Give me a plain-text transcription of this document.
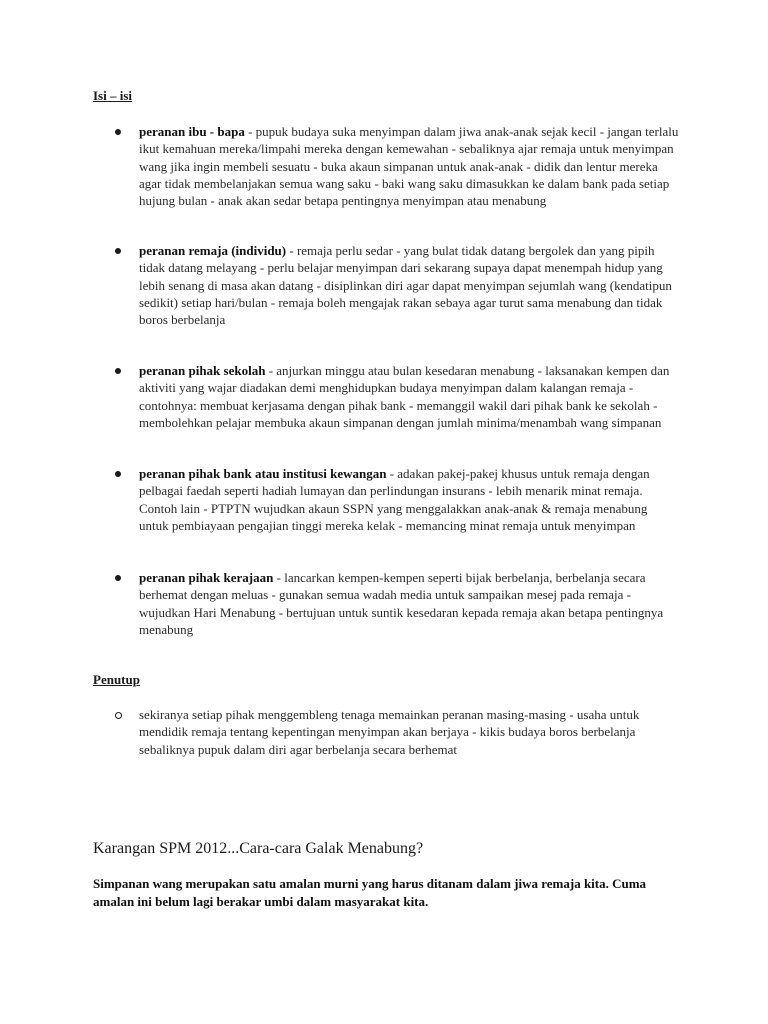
Isi – isi
peranan ibu - bapa - pupuk budaya suka menyimpan dalam jiwa anak-anak sejak kecil - jangan terlalu ikut kemahuan mereka/limpahi mereka dengan kemewahan - sebaliknya ajar remaja untuk menyimpan wang jika ingin membeli sesuatu - buka akaun simpanan untuk anak-anak - didik dan lentur mereka agar tidak membelanjakan semua wang saku - baki wang saku dimasukkan ke dalam bank pada setiap hujung bulan - anak akan sedar betapa pentingnya menyimpan atau menabung
peranan remaja (individu) - remaja perlu sedar - yang bulat tidak datang bergolek dan yang pipih tidak datang melayang - perlu belajar menyimpan dari sekarang supaya dapat menempah hidup yang lebih senang di masa akan datang - disiplinkan diri agar dapat menyimpan sejumlah wang (kendatipun sedikit) setiap hari/bulan - remaja boleh mengajak rakan sebaya agar turut sama menabung dan tidak boros berbelanja
peranan pihak sekolah - anjurkan minggu atau bulan kesedaran menabung - laksanakan kempen dan aktiviti yang wajar diadakan demi menghidupkan budaya menyimpan dalam kalangan remaja - contohnya: membuat kerjasama dengan pihak bank - memanggil wakil dari pihak bank ke sekolah - membolehkan pelajar membuka akaun simpanan dengan jumlah minima/menambah wang simpanan
peranan pihak bank atau institusi kewangan - adakan pakej-pakej khusus untuk remaja dengan pelbagai faedah seperti hadiah lumayan dan perlindungan insurans - lebih menarik minat remaja. Contoh lain - PTPTN wujudkan akaun SSPN yang menggalakkan anak-anak & remaja menabung untuk pembiayaan pengajian tinggi mereka kelak - memancing minat remaja untuk menyimpan
peranan pihak kerajaan - lancarkan kempen-kempen seperti bijak berbelanja, berbelanja secara berhemat dengan meluas - gunakan semua wadah media untuk sampaikan mesej pada remaja - wujudkan Hari Menabung - bertujuan untuk suntik kesedaran kepada remaja akan betapa pentingnya menabung
Penutup
sekiranya setiap pihak menggembleng tenaga memainkan peranan masing-masing - usaha untuk mendidik remaja tentang kepentingan menyimpan akan berjaya - kikis budaya boros berbelanja sebaliknya pupuk dalam diri agar berbelanja secara berhemat
Karangan SPM 2012...Cara-cara Galak Menabung?
Simpanan wang merupakan satu amalan murni yang harus ditanam dalam jiwa remaja kita. Cuma amalan ini belum lagi berakar umbi dalam masyarakat kita.
